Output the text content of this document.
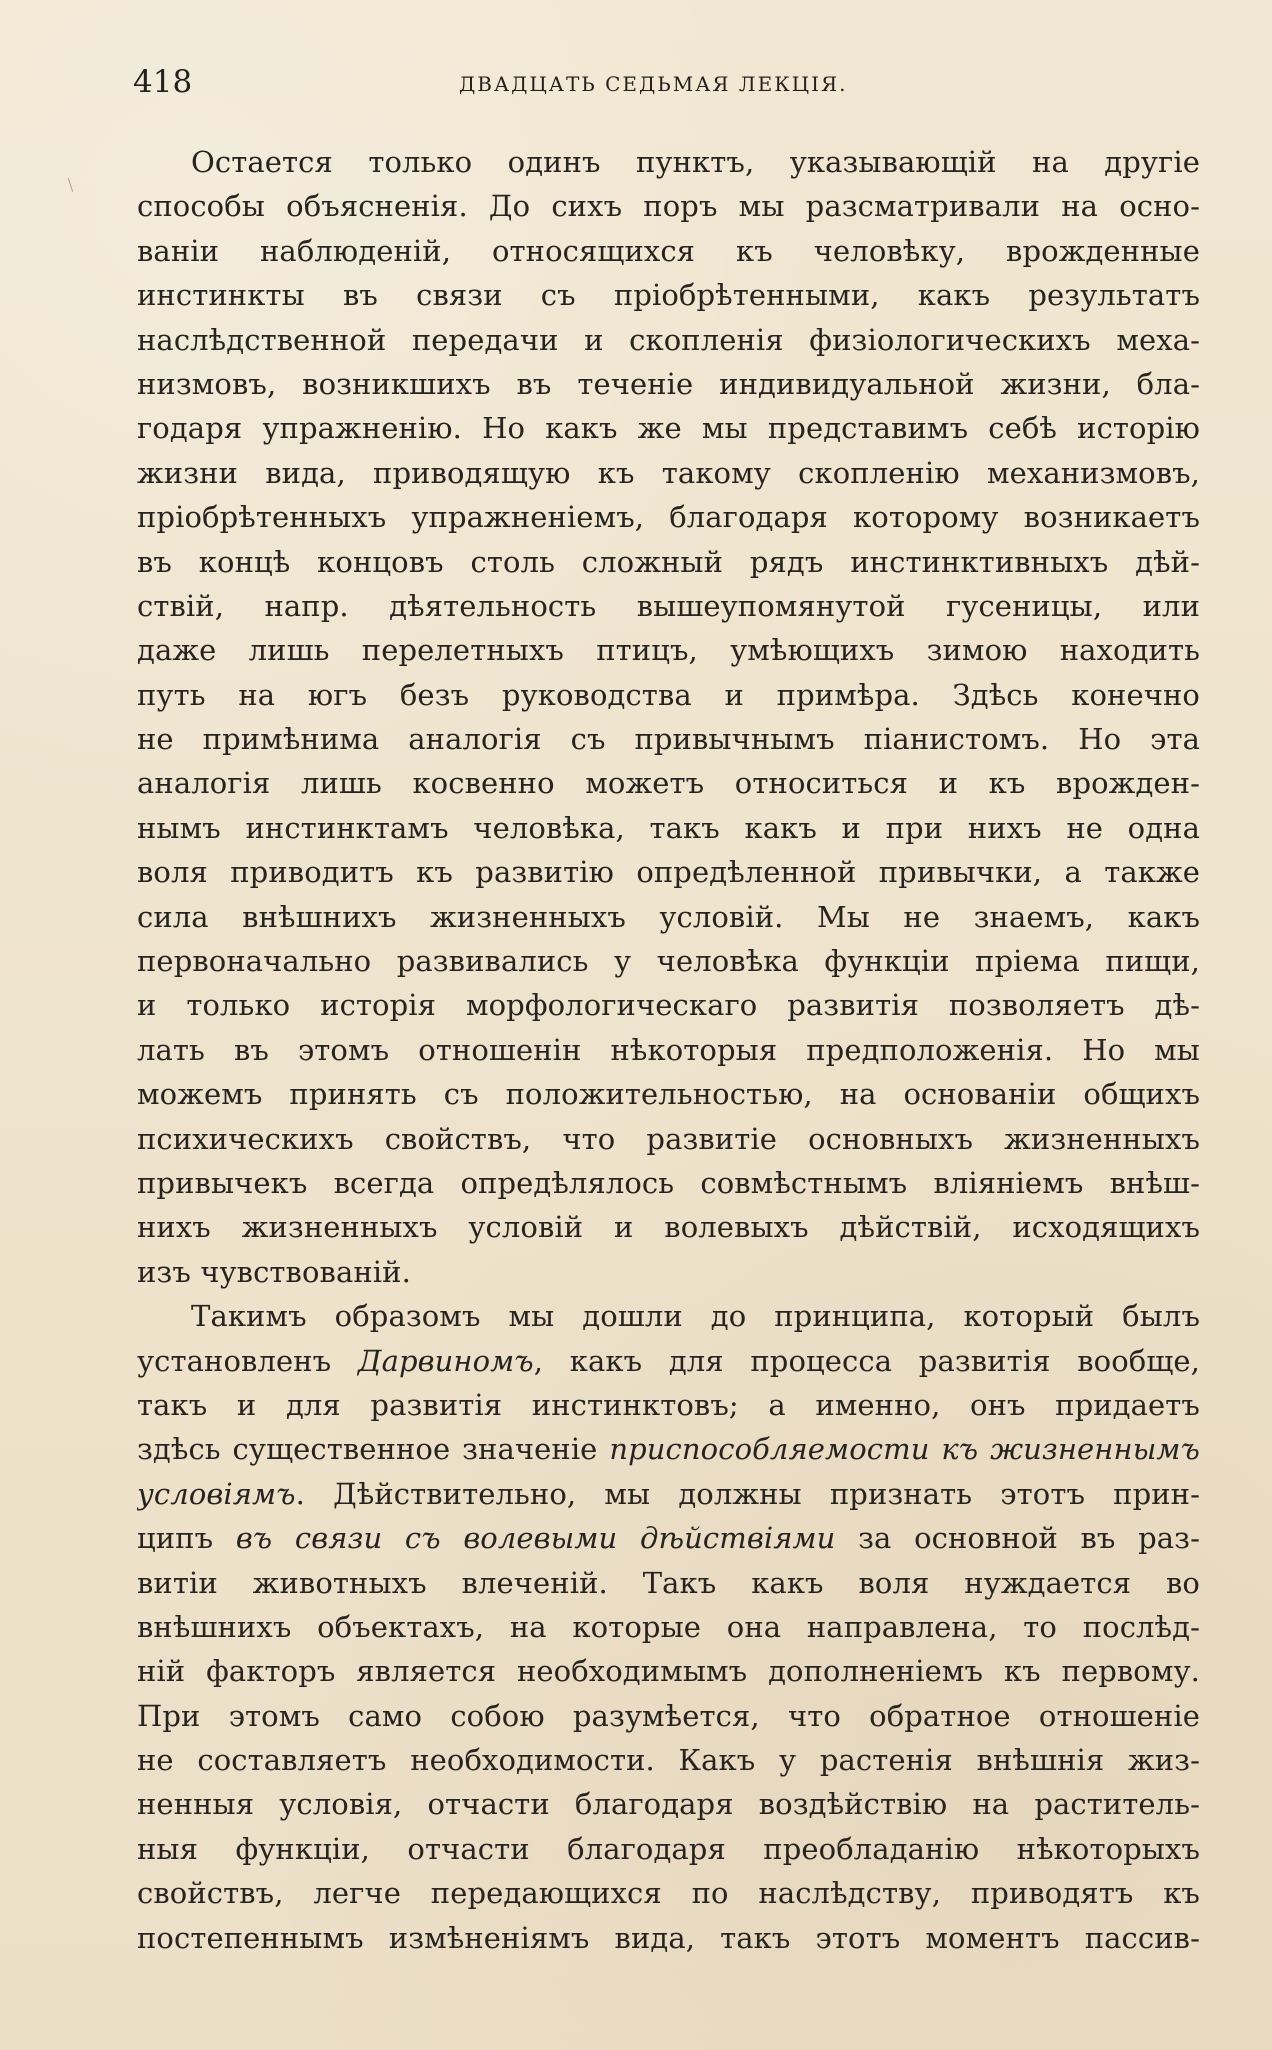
418	ДВАДЦАТЬ СЕДЬМАЯ ЛЕКЦІЯ.
Остается только одинъ пунктъ, указывающій на другіе
способы объясненія. До сихъ поръ мы разсматривали на осно-
ваніи наблюденій, относящихся къ человѣку, врожденные
инстинкты въ связи съ пріобрѣтенными, какъ результатъ
наслѣдственной передачи и скопленія физіологическихъ меха-
низмовъ, возникшихъ въ теченіе индивидуальной жизни, бла-
годаря упражненію. Но какъ же мы представимъ себѣ исторію
жизни вида, приводящую къ такому скопленію механизмовъ,
пріобрѣтенныхъ упражненіемъ, благодаря которому возникаетъ
въ концѣ концовъ столь сложный рядъ инстинктивныхъ дѣй-
ствій, напр. дѣятельность вышеупомянутой гусеницы, или
даже лишь перелетныхъ птицъ, умѣющихъ зимою находить
путь на югъ безъ руководства и примѣра. Здѣсь конечно
не примѣнима аналогія съ привычнымъ піанистомъ. Но эта
аналогія лишь косвенно можетъ относиться и къ врожден-
нымъ инстинктамъ человѣка, такъ какъ и при нихъ не одна
воля приводитъ къ развитію опредѣленной привычки, а также
сила внѣшнихъ жизненныхъ условій. Мы не знаемъ, какъ
первоначально развивались у человѣка функціи пріема пищи,
и только исторія морфологическаго развитія позволяетъ дѣ-
лать въ этомъ отношенін нѣкоторыя предположенія. Но мы
можемъ принять съ положительностью, на основаніи общихъ
психическихъ свойствъ, что развитіе основныхъ жизненныхъ
привычекъ всегда опредѣлялось совмѣстнымъ вліяніемъ внѣш-
нихъ жизненныхъ условій и волевыхъ дѣйствій, исходящихъ
изъ чувствованій.
Такимъ образомъ мы дошли до принципа, который былъ
установленъ Дарвиномъ, какъ для процесса развитія вообще,
такъ и для развитія инстинктовъ; а именно, онъ придаетъ
здѣсь существенное значеніе приспособляемости къ жизненнымъ
условіямъ. Дѣйствительно, мы должны признать этотъ прин-
ципъ въ связи съ волевыми дѣйствіями за основной въ раз-
витіи животныхъ влеченій. Такъ какъ воля нуждается во
внѣшнихъ объектахъ, на которые она направлена, то послѣд-
ній факторъ является необходимымъ дополненіемъ къ первому.
При этомъ само собою разумѣется, что обратное отношеніе
не составляетъ необходимости. Какъ у растенія внѣшнія жиз-
ненныя условія, отчасти благодаря воздѣйствію на раститель-
ныя функціи, отчасти благодаря преобладанію нѣкоторыхъ
свойствъ, легче передающихся по наслѣдству, приводятъ къ
постепеннымъ измѣненіямъ вида, такъ этотъ моментъ пассив-
